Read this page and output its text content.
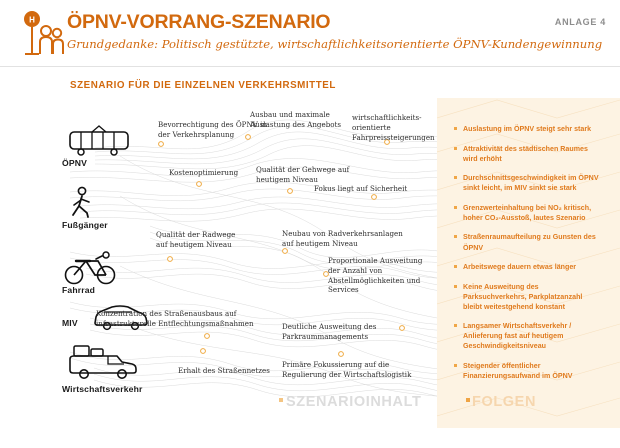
H ÖPNV-VORRANG-SZENARIO
Grundgedanke: Politisch gestützte, wirtschaftlichkeitsorientierte ÖPNV-Kundengewinnung
ANLAGE 4
SZENARIO FÜR DIE EINZELNEN VERKEHRSMITTEL
ÖPNV
Fußgänger
Fahrrad
MIV
Wirtschaftsverkehr
Bevorrechtigung des ÖPNV in der Verkehrsplanung
Ausbau und maximale Auslastung des Angebots
wirtschaftlichkeits-orientierte Fahrpreissteigerungen
Kostenoptimierung	Qualität der Gehwege auf heutigem Niveau
Fokus liegt auf Sicherheit
Qualität der Radwege auf heutigem Niveau
Neubau von Radverkehrsanlagen auf heutigem Niveau
Proportionale Ausweitung der Anzahl von Abstellmöglichkeiten und Services
Konzentration des Straßenausbaus auf infrastrukturelle Entflechtungsmaßnahmen	Deutliche Ausweitung des Parkraummanagements
Erhalt des Straßennetzes
Primäre Fokussierung auf die Regulierung der Wirtschaftslogistik
Auslastung im ÖPNV steigt sehr stark
Attraktivität des städtischen Raumes wird erhöht
Durchschnittsgeschwindigkeit im ÖPNV sinkt leicht, im MIV sinkt sie stark
Grenzwerteinhaltung bei NO₂ kritisch, hoher CO₂-Ausstoß, lautes Szenario
Straßenraumaufteilung zu Gunsten des ÖPNV
Arbeitswege dauern etwas länger
Keine Ausweitung des Parksuchverkehrs, Parkplatzanzahl bleibt weitestgehend konstant
Langsamer Wirtschaftsverkehr / Anlieferung fast auf heutigem Geschwindigkeitsniveau
Steigender öffentlicher Finanzierungsaufwand im ÖPNV
SZENARIOINHALT	FOLGEN
